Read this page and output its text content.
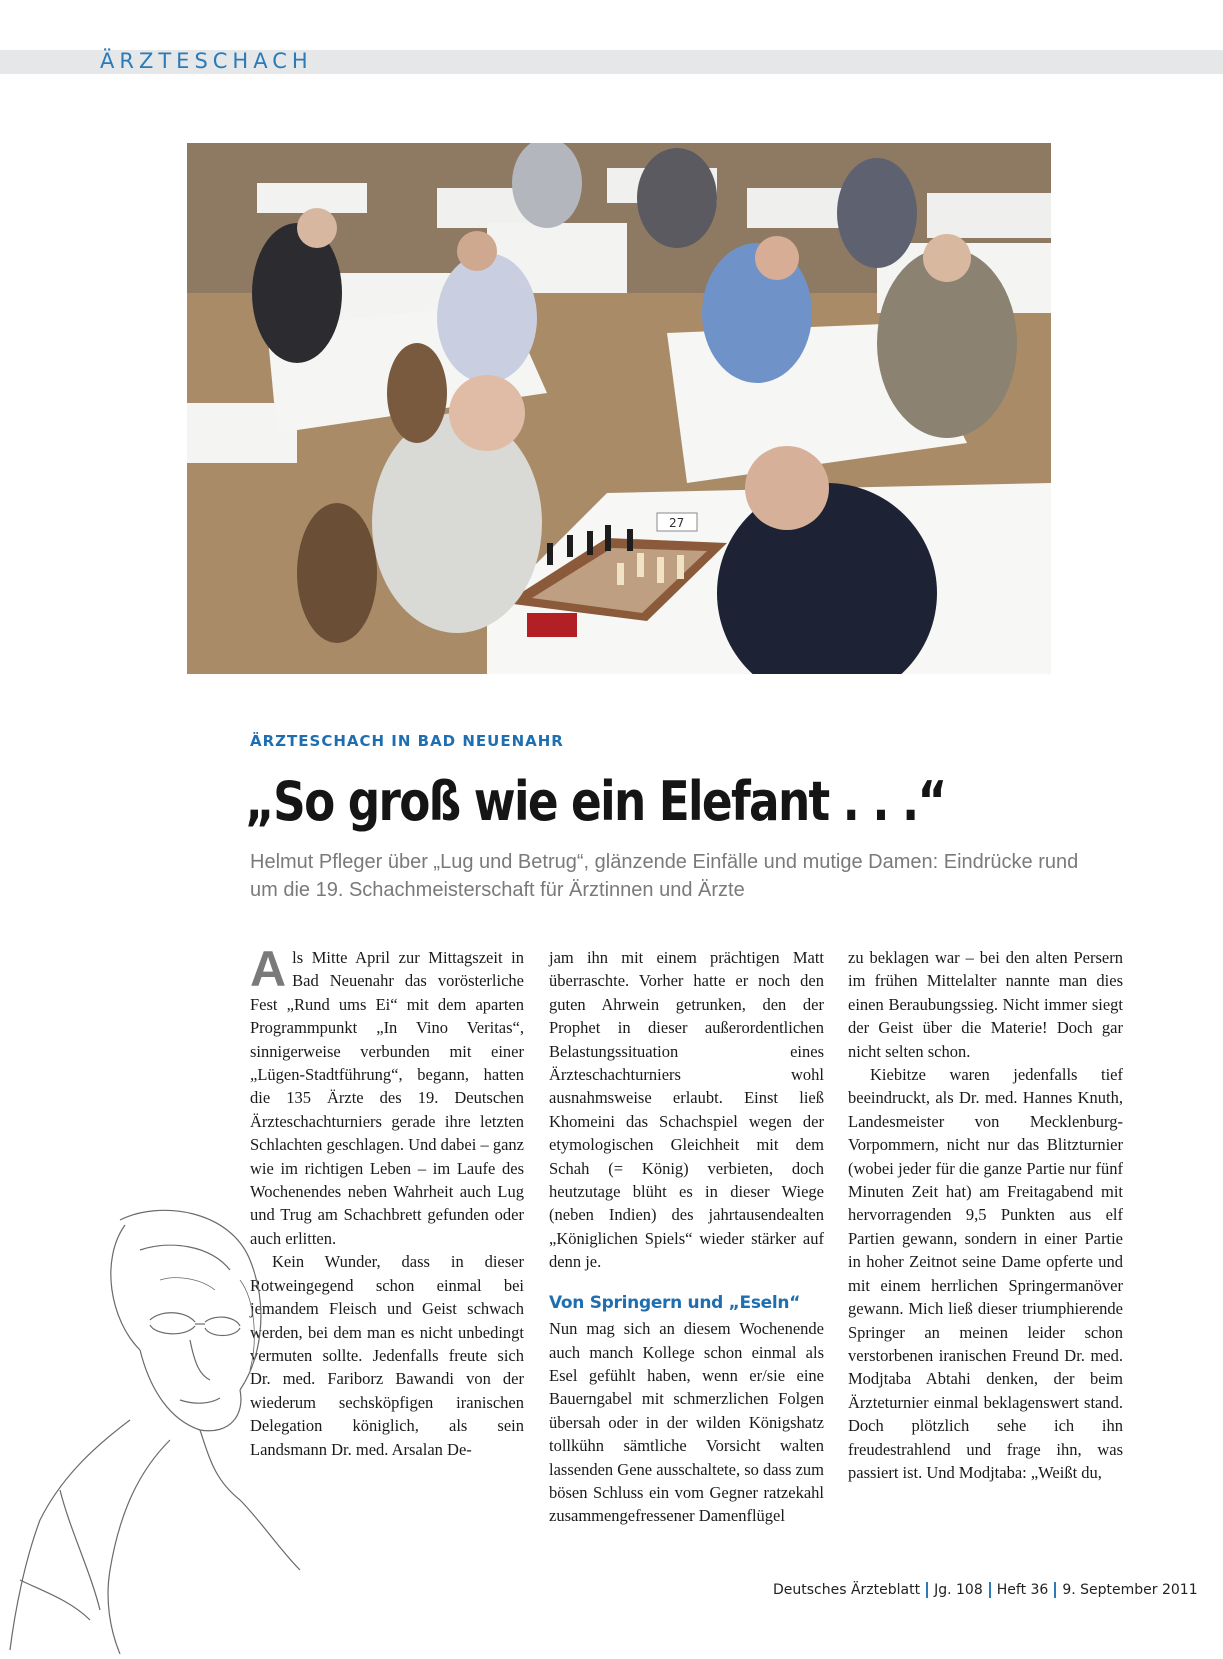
ÄRZTESCHACH
27
ÄRZTESCHACH IN BAD NEUENAHR
„So groß wie ein Elefant . . .“
Helmut Pfleger über „Lug und Betrug“, glänzende Einfälle und mutige Damen: Eindrücke rund um die 19. Schachmeisterschaft für Ärztinnen und Ärzte

Als Mitte April zur Mittagszeit in Bad Neuenahr das vorösterliche Fest „Rund ums Ei“ mit dem aparten Programmpunkt „In Vino Veritas“, sinnigerweise verbunden mit einer „Lügen-Stadtführung“, begann, hatten die 135 Ärzte des 19. Deutschen Ärzteschachturniers gerade ihre letzten Schlachten geschlagen. Und dabei – ganz wie im richtigen Leben – im Laufe des Wochenendes neben Wahrheit auch Lug und Trug am Schachbrett gefunden oder auch erlitten.

Kein Wunder, dass in dieser Rotweingegend schon einmal bei jemandem Fleisch und Geist schwach werden, bei dem man es nicht unbedingt vermuten sollte. Jedenfalls freute sich Dr. med. Fariborz Bawandi von der wiederum sechsköpfigen iranischen Delegation königlich, als sein Landsmann Dr. med. Arsalan De-

jam ihn mit einem prächtigen Matt überraschte. Vorher hatte er noch den guten Ahrwein getrunken, den der Prophet in dieser außerordentlichen Belastungssituation eines Ärzteschachturniers wohl ausnahmsweise erlaubt. Einst ließ Khomeini das Schachspiel wegen der etymologischen Gleichheit mit dem Schah (= König) verbieten, doch heutzutage blüht es in dieser Wiege (neben Indien) des jahrtausendealten „Königlichen Spiels“ wieder stärker auf denn je.

Von Springern und „Eseln“

Nun mag sich an diesem Wochenende auch manch Kollege schon einmal als Esel gefühlt haben, wenn er/sie eine Bauerngabel mit schmerzlichen Folgen übersah oder in der wilden Königshatz tollkühn sämtliche Vorsicht walten lassenden Gene ausschaltete, so dass zum bösen Schluss ein vom Gegner ratzekahl zusammengefressener Damenflügel

zu beklagen war – bei den alten Persern im frühen Mittelalter nannte man dies einen Beraubungssieg. Nicht immer siegt der Geist über die Materie! Doch gar nicht selten schon.

Kiebitze waren jedenfalls tief beeindruckt, als Dr. med. Hannes Knuth, Landesmeister von Mecklenburg-Vorpommern, nicht nur das Blitzturnier (wobei jeder für die ganze Partie nur fünf Minuten Zeit hat) am Freitagabend mit hervorragenden 9,5 Punkten aus elf Partien gewann, sondern in einer Partie in hoher Zeitnot seine Dame opferte und mit einem herrlichen Springermanöver gewann. Mich ließ dieser triumphierende Springer an meinen leider schon verstorbenen iranischen Freund Dr. med. Modjtaba Abtahi denken, der beim Ärzteturnier einmal beklagenswert stand. Doch plötzlich sehe ich ihn freudestrahlend und frage ihn, was passiert ist. Und Modjtaba: „Weißt du,

Deutsches Ärzteblatt Jg. 108 Heft 36 9. September 2011
